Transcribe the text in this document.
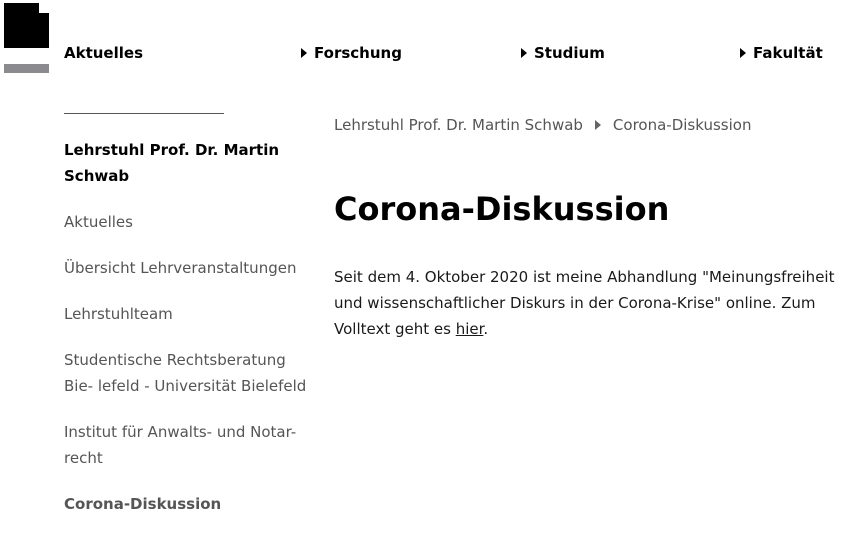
Aktuelles	Forschung	Studium	Fakultät
Lehrstuhl Prof. Dr. Martin Schwab
Aktuelles
Übersicht Lehrveranstaltungen
Lehrstuhlteam
Studentische Rechtsberatung Bie- lefeld - Universität Bielefeld
Institut für Anwalts- und Notar- recht
Corona-Diskussion
Lehrstuhl Prof. Dr. Martin Schwab Corona-Diskussion
Corona-Diskussion

Seit dem 4. Oktober 2020 ist meine Abhandlung "Meinungsfreiheit und wissenschaftlicher Diskurs in der Corona-Krise" online. Zum Volltext geht es hier.
